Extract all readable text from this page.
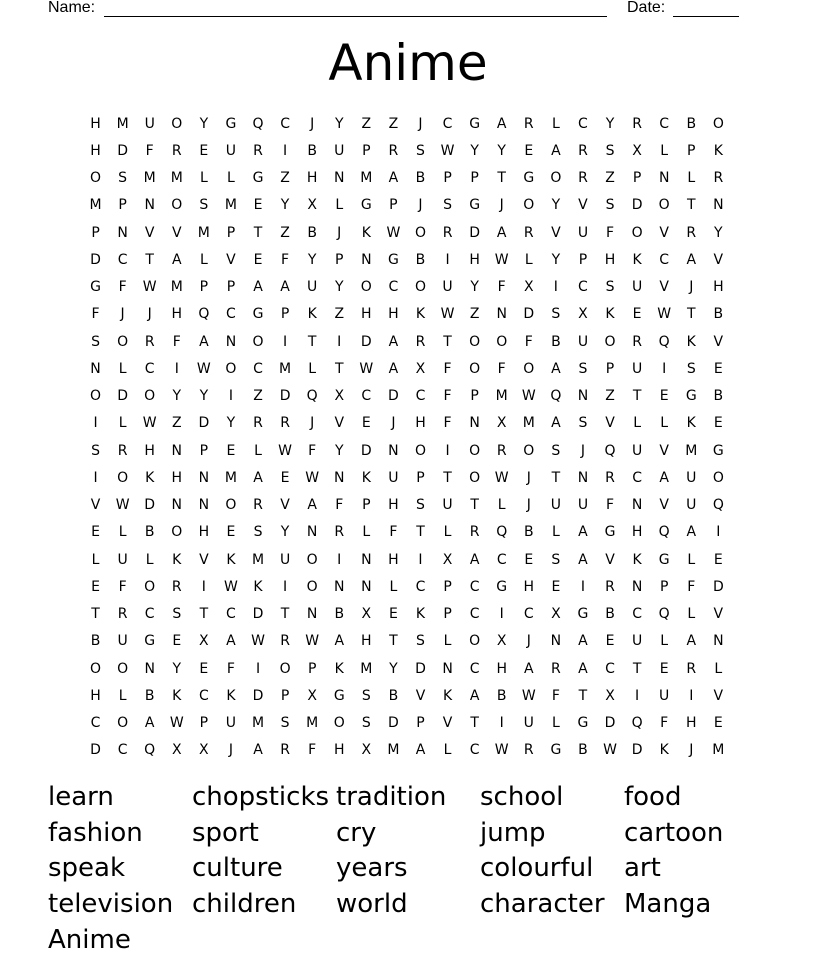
Name:	Date:
Anime
H	M	U	O	Y	G	Q	C	J	Y	Z	Z	J	C	G	A	R	L	C	Y	R	C	B	O
H	D	F	R	E	U	R	I	B	U	P	R	S	W	Y	Y	E	A	R	S	X	L	P	K
O	S	M	M	L	L	G	Z	H	N	M	A	B	P	P	T	G	O	R	Z	P	N	L	R
M	P	N	O	S	M	E	Y	X	L	G	P	J	S	G	J	O	Y	V	S	D	O	T	N
P	N	V	V	M	P	T	Z	B	J	K	W	O	R	D	A	R	V	U	F	O	V	R	Y
D	C	T	A	L	V	E	F	Y	P	N	G	B	I	H	W	L	Y	P	H	K	C	A	V
G	F	W	M	P	P	A	A	U	Y	O	C	O	U	Y	F	X	I	C	S	U	V	J	H
F	J	J	H	Q	C	G	P	K	Z	H	H	K	W	Z	N	D	S	X	K	E	W	T	B
S	O	R	F	A	N	O	I	T	I	D	A	R	T	O	O	F	B	U	O	R	Q	K	V
N	L	C	I	W	O	C	M	L	T	W	A	X	F	O	F	O	A	S	P	U	I	S	E
O	D	O	Y	Y	I	Z	D	Q	X	C	D	C	F	P	M	W	Q	N	Z	T	E	G	B
I	L	W	Z	D	Y	R	R	J	V	E	J	H	F	N	X	M	A	S	V	L	L	K	E
S	R	H	N	P	E	L	W	F	Y	D	N	O	I	O	R	O	S	J	Q	U	V	M	G
I	O	K	H	N	M	A	E	W	N	K	U	P	T	O	W	J	T	N	R	C	A	U	O
V	W	D	N	N	O	R	V	A	F	P	H	S	U	T	L	J	U	U	F	N	V	U	Q
E	L	B	O	H	E	S	Y	N	R	L	F	T	L	R	Q	B	L	A	G	H	Q	A	I
L	U	L	K	V	K	M	U	O	I	N	H	I	X	A	C	E	S	A	V	K	G	L	E
E	F	O	R	I	W	K	I	O	N	N	L	C	P	C	G	H	E	I	R	N	P	F	D
T	R	C	S	T	C	D	T	N	B	X	E	K	P	C	I	C	X	G	B	C	Q	L	V
B	U	G	E	X	A	W	R	W	A	H	T	S	L	O	X	J	N	A	E	U	L	A	N
O	O	N	Y	E	F	I	O	P	K	M	Y	D	N	C	H	A	R	A	C	T	E	R	L
H	L	B	K	C	K	D	P	X	G	S	B	V	K	A	B	W	F	T	X	I	U	I	V
C	O	A	W	P	U	M	S	M	O	S	D	P	V	T	I	U	L	G	D	Q	F	H	E
D	C	Q	X	X	J	A	R	F	H	X	M	A	L	C	W	R	G	B	W	D	K	J	M
learn	chopsticks tradition	school	food
fashion	sport	cry	jump	cartoon
speak	culture	years	colourful	art
television children	world	character Manga
Anime
